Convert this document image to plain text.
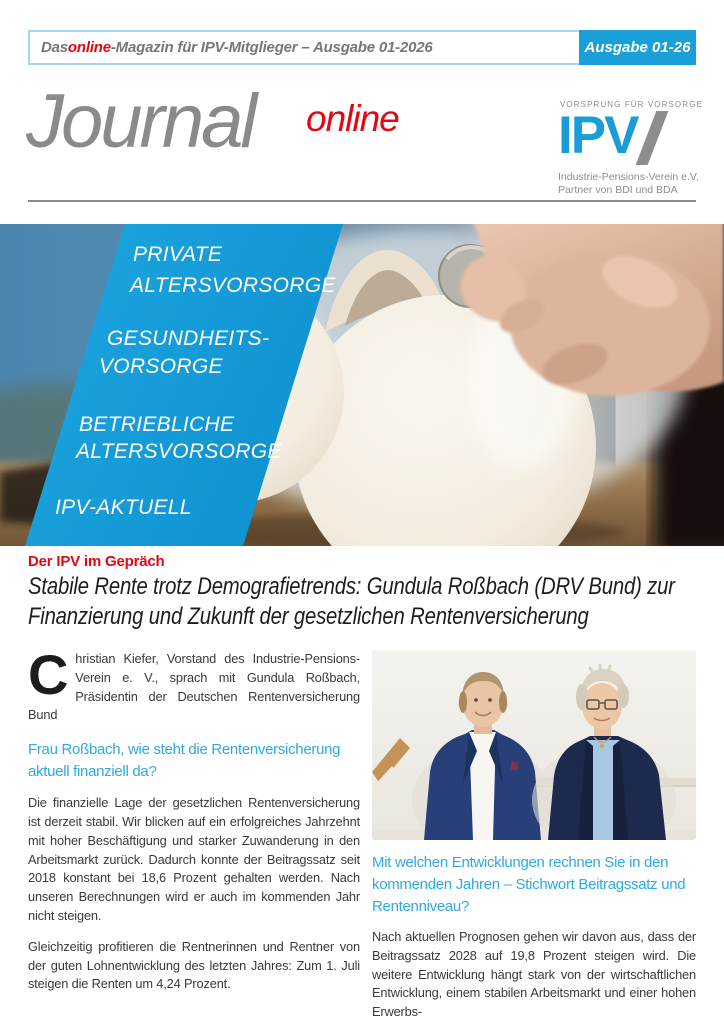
Das online -Magazin für IPV-Mitglieger – Ausgabe 01-2026	Ausgabe 01-26
Journal online	VORSPRUNG FÜR VORSORGE
IPV
Industrie-Pensions-Verein e.V.
Partner von BDI und BDA
PRIVATE
ALTERSVORSORGE
GESUNDHEITS-
VORSORGE
BETRIEBLICHE
ALTERSVORSORGE
IPV-AKTUELL
Der IPV im Gepräch
Stabile Rente trotz Demografietrends: Gundula Roßbach (DRV Bund) zur Finanzierung und Zukunft der gesetzlichen Rentenversicherung

Christian Kiefer, Vorstand des Industrie-Pensions-Verein e. V., sprach mit Gundula Roßbach, Präsidentin der Deutschen Rentenversicherung Bund

Frau Roßbach, wie steht die Rentenversicherung aktuell finanziell da?

Die finanzielle Lage der gesetzlichen Rentenversicherung ist derzeit stabil. Wir blicken auf ein erfolgreiches Jahrzehnt mit hoher Beschäftigung und starker Zuwanderung in den Arbeitsmarkt zurück. Dadurch konnte der Beitragssatz seit 2018 konstant bei 18,6 Prozent gehalten werden. Nach unseren Berechnungen wird er auch im kommenden Jahr nicht steigen.

Gleichzeitig profitieren die Rentnerinnen und Rentner von der guten Lohnentwicklung des letzten Jahres: Zum 1. Juli steigen die Renten um 4,24 Prozent.

Mit welchen Entwicklungen rechnen Sie in den kommenden Jahren – Stichwort Beitragssatz und Rentenniveau?

Nach aktuellen Prognosen gehen wir davon aus, dass der Beitragssatz 2028 auf 19,8 Prozent steigen wird. Die weitere Entwicklung hängt stark von der wirtschaftlichen Entwicklung, einem stabilen Arbeitsmarkt und einer hohen Erwerbs-
